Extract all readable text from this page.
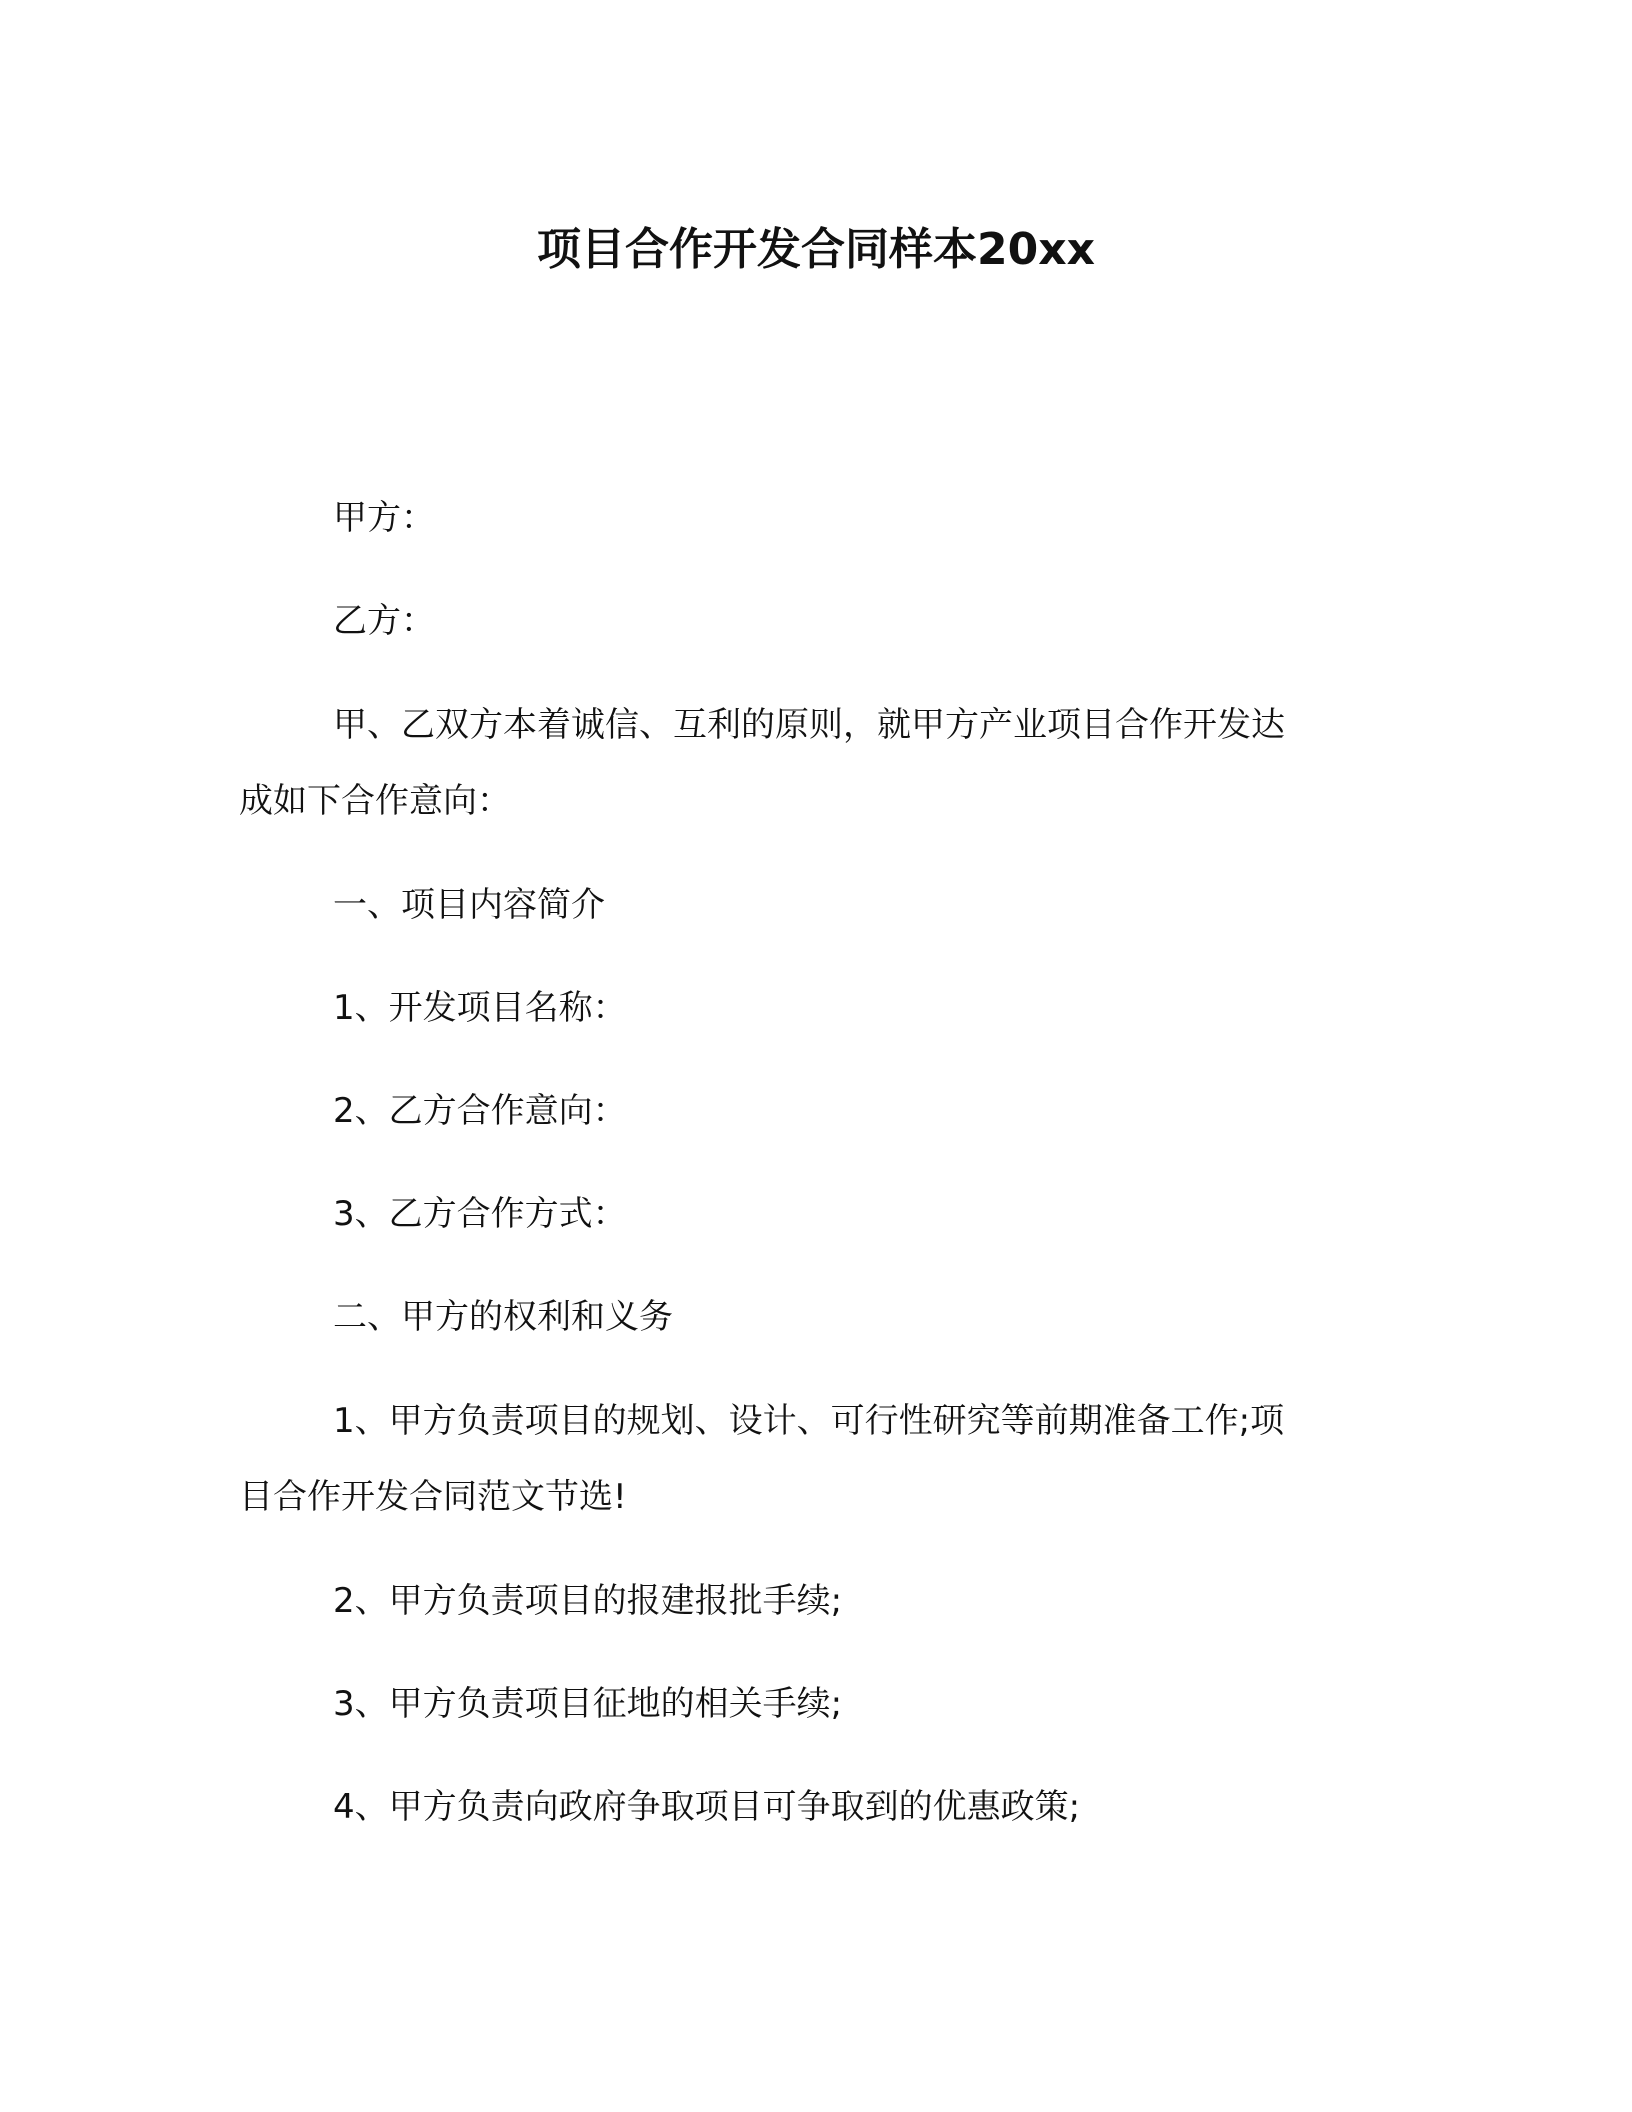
项目合作开发合同样本20xx
甲方：
乙方：
甲、乙双方本着诚信、互利的原则，就甲方产业项目合作开发达
成如下合作意向：
一、项目内容简介
1、开发项目名称：
2、乙方合作意向：
3、乙方合作方式：
二、甲方的权利和义务
1、甲方负责项目的规划、设计、可行性研究等前期准备工作;项
目合作开发合同范文节选!
2、甲方负责项目的报建报批手续;
3、甲方负责项目征地的相关手续;
4、甲方负责向政府争取项目可争取到的优惠政策;
